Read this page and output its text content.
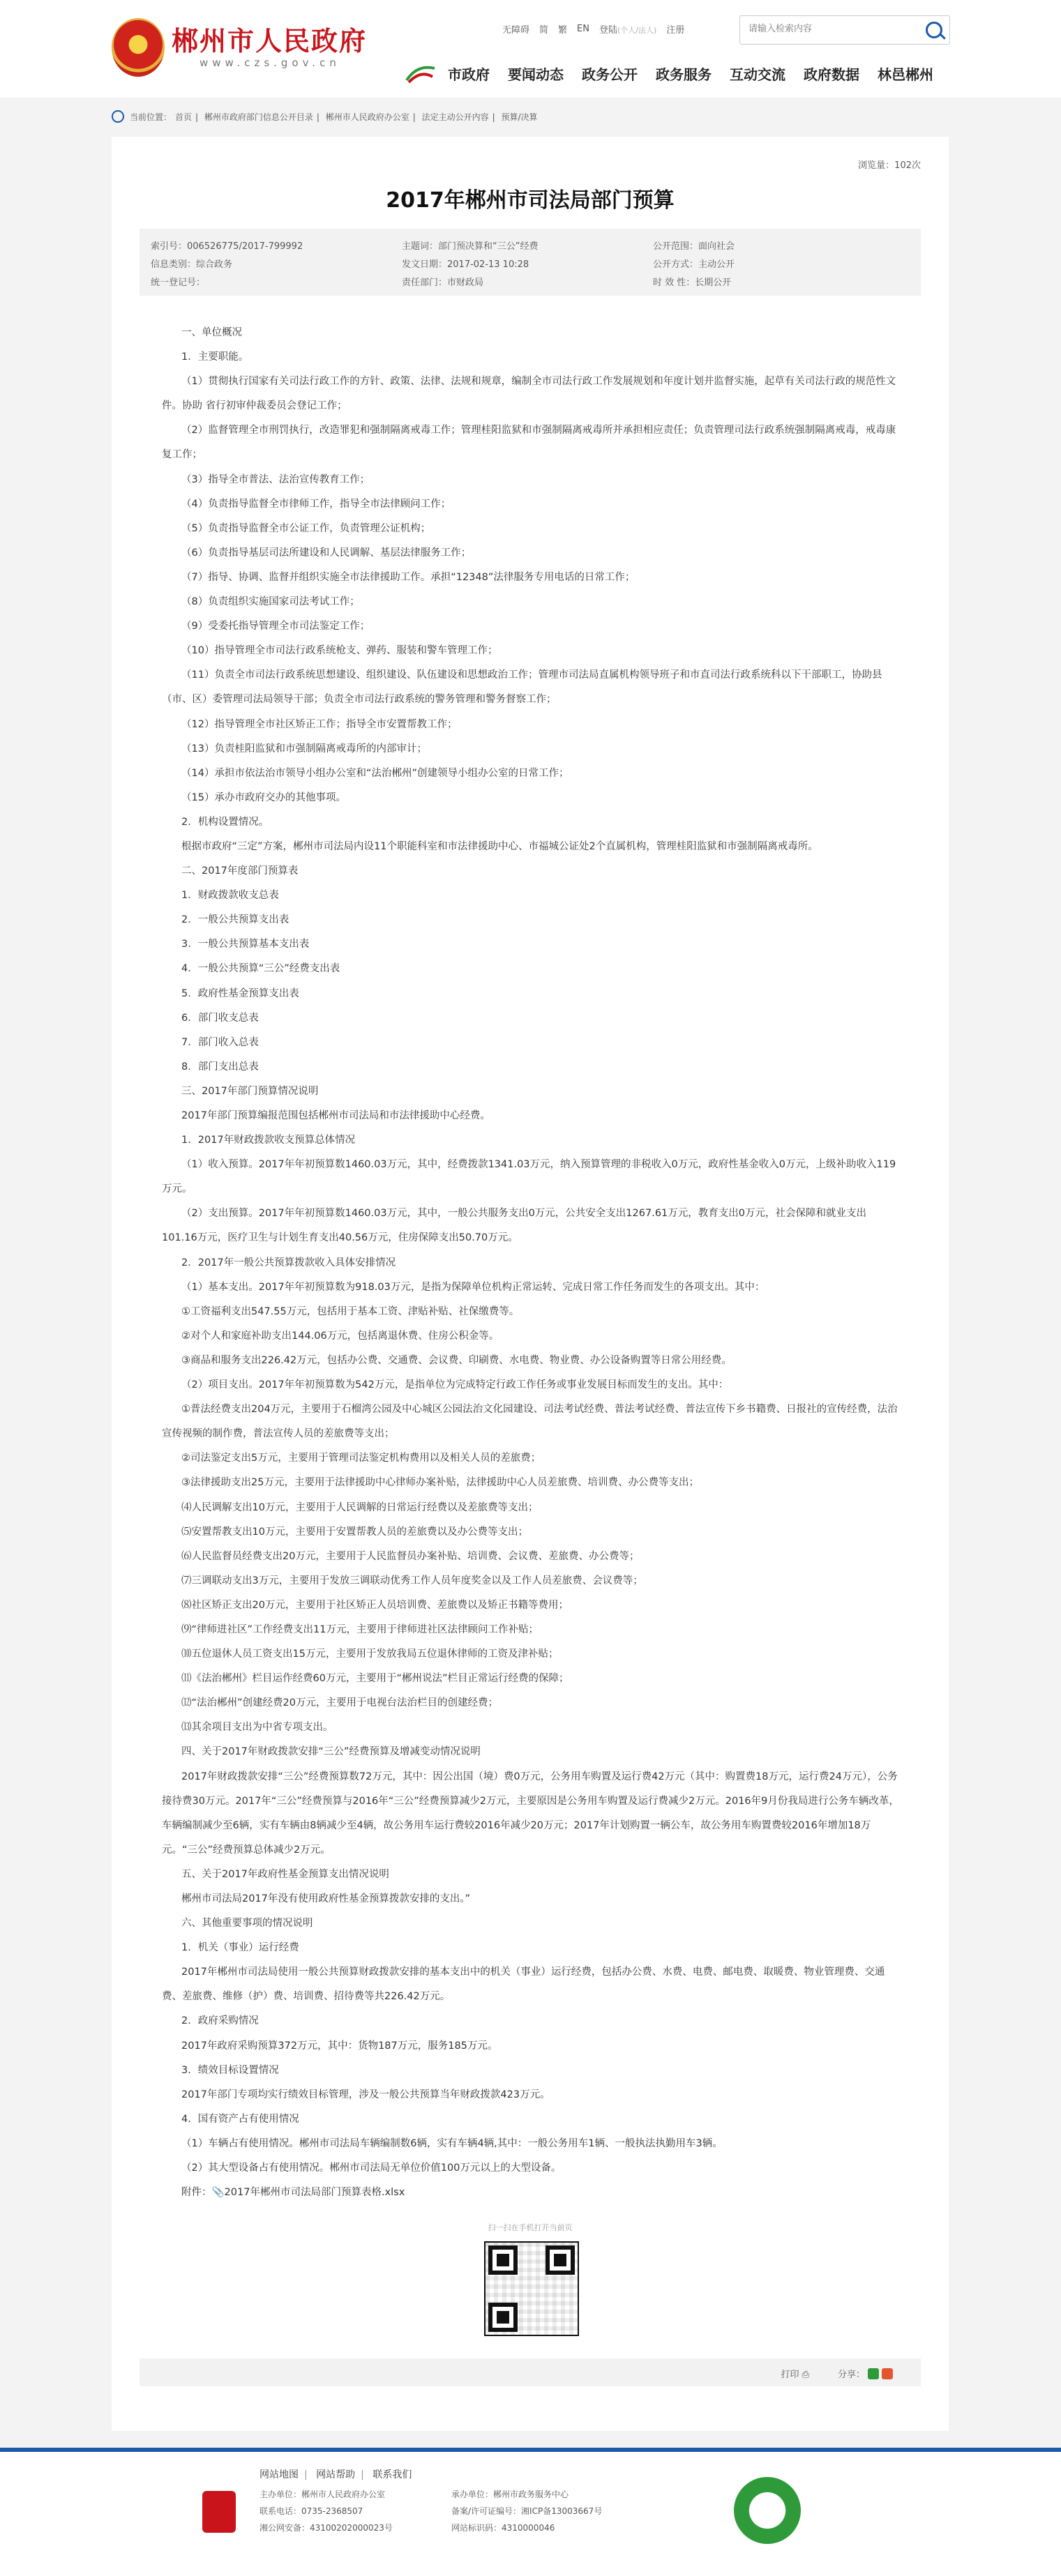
郴州市人民政府
www.czs.gov.cn
无障碍 简 繁 EN 登陆(个人/法人) 注册
请输入检索内容
市政府 要闻动态 政务公开 政务服务 互动交流 政府数据 林邑郴州
当前位置： 首页 | 郴州市政府部门信息公开目录 | 郴州市人民政府办公室 | 法定主动公开内容 | 预算/决算
浏览量：102次
2017年郴州市司法局部门预算
索引号：006526775/2017-799992	主题词：部门预决算和“三公”经费	公开范围：面向社会
信息类别：综合政务	发文日期：2017-02-13 10:28	公开方式：主动公开
统一登记号：	责任部门：市财政局	时 效 性：长期公开

一、单位概况

1．主要职能。

（1）贯彻执行国家有关司法行政工作的方针、政策、法律、法规和规章，编制全市司法行政工作发展规划和年度计划并监督实施，起草有关司法行政的规范性文件。协助 省行初审仲裁委员会登记工作；

（2）监督管理全市刑罚执行，改造罪犯和强制隔离戒毒工作；管理桂阳监狱和市强制隔离戒毒所并承担相应责任；负责管理司法行政系统强制隔离戒毒，戒毒康复工作；

（3）指导全市普法、法治宣传教育工作；

（4）负责指导监督全市律师工作，指导全市法律顾问工作；

（5）负责指导监督全市公证工作，负责管理公证机构；

（6）负责指导基层司法所建设和人民调解、基层法律服务工作；

（7）指导、协调、监督并组织实施全市法律援助工作。承担“12348”法律服务专用电话的日常工作；

（8）负责组织实施国家司法考试工作；

（9）受委托指导管理全市司法鉴定工作；

（10）指导管理全市司法行政系统枪支、弹药、服装和警车管理工作；

（11）负责全市司法行政系统思想建设、组织建设、队伍建设和思想政治工作；管理市司法局直属机构领导班子和市直司法行政系统科以下干部职工，协助县（市、区）委管理司法局领导干部；负责全市司法行政系统的警务管理和警务督察工作；

（12）指导管理全市社区矫正工作；指导全市安置帮教工作；

（13）负责桂阳监狱和市强制隔离戒毒所的内部审计；

（14）承担市依法治市领导小组办公室和“法治郴州”创建领导小组办公室的日常工作；

（15）承办市政府交办的其他事项。

2．机构设置情况。

根据市政府“三定”方案，郴州市司法局内设11个职能科室和市法律援助中心、市福城公证处2个直属机构，管理桂阳监狱和市强制隔离戒毒所。

二、2017年度部门预算表

1．财政拨款收支总表

2．一般公共预算支出表

3．一般公共预算基本支出表

4．一般公共预算“三公”经费支出表

5．政府性基金预算支出表

6．部门收支总表

7．部门收入总表

8．部门支出总表

三、2017年部门预算情况说明

2017年部门预算编报范围包括郴州市司法局和市法律援助中心经费。

1．2017年财政拨款收支预算总体情况

（1）收入预算。2017年年初预算数1460.03万元，其中，经费拨款1341.03万元，纳入预算管理的非税收入0万元，政府性基金收入0万元，上级补助收入119万元。

（2）支出预算。2017年年初预算数1460.03万元，其中，一般公共服务支出0万元，公共安全支出1267.61万元，教育支出0万元，社会保障和就业支出101.16万元，医疗卫生与计划生育支出40.56万元，住房保障支出50.70万元。

2．2017年一般公共预算拨款收入具体安排情况

（1）基本支出。2017年年初预算数为918.03万元，是指为保障单位机构正常运转、完成日常工作任务而发生的各项支出。其中：

①工资福利支出547.55万元，包括用于基本工资、津贴补贴、社保缴费等。

②对个人和家庭补助支出144.06万元，包括离退休费、住房公积金等。

③商品和服务支出226.42万元，包括办公费、交通费、会议费、印刷费、水电费、物业费、办公设备购置等日常公用经费。

（2）项目支出。2017年年初预算数为542万元，是指单位为完成特定行政工作任务或事业发展目标而发生的支出。其中：

①普法经费支出204万元，主要用于石榴湾公园及中心城区公园法治文化园建设、司法考试经费、普法考试经费、普法宣传下乡书籍费、日报社的宣传经费，法治宣传视频的制作费，普法宣传人员的差旅费等支出；

②司法鉴定支出5万元，主要用于管理司法鉴定机构费用以及相关人员的差旅费；

③法律援助支出25万元，主要用于法律援助中心律师办案补贴，法律援助中心人员差旅费、培训费、办公费等支出；

⑷人民调解支出10万元，主要用于人民调解的日常运行经费以及差旅费等支出；

⑸安置帮教支出10万元，主要用于安置帮教人员的差旅费以及办公费等支出；

⑹人民监督员经费支出20万元，主要用于人民监督员办案补贴、培训费、会议费、差旅费、办公费等；

⑺三调联动支出3万元，主要用于发放三调联动优秀工作人员年度奖金以及工作人员差旅费、会议费等；

⑻社区矫正支出20万元，主要用于社区矫正人员培训费、差旅费以及矫正书籍等费用；

⑼“律师进社区”工作经费支出11万元，主要用于律师进社区法律顾问工作补贴；

⑽五位退休人员工资支出15万元，主要用于发放我局五位退休律师的工资及津补贴；

⑾《法治郴州》栏目运作经费60万元，主要用于“郴州说法”栏目正常运行经费的保障；

⑿“法治郴州”创建经费20万元，主要用于电视台法治栏目的创建经费；

⒀其余项目支出为中省专项支出。

四、关于2017年财政拨款安排“三公”经费预算及增减变动情况说明

2017年财政拨款安排“三公”经费预算数72万元，其中：因公出国（境）费0万元，公务用车购置及运行费42万元（其中：购置费18万元，运行费24万元），公务接待费30万元。2017年“三公”经费预算与2016年“三公”经费预算减少2万元，主要原因是公务用车购置及运行费减少2万元。2016年9月份我局进行公务车辆改革，车辆编制减少至6辆，实有车辆由8辆减少至4辆，故公务用车运行费较2016年减少20万元；2017年计划购置一辆公车，故公务用车购置费较2016年增加18万元。“三公”经费预算总体减少2万元。

五、关于2017年政府性基金预算支出情况说明

郴州市司法局2017年没有使用政府性基金预算拨款安排的支出。”

六、其他重要事项的情况说明

1．机关（事业）运行经费

2017年郴州市司法局使用一般公共预算财政拨款安排的基本支出中的机关（事业）运行经费，包括办公费、水费、电费、邮电费、取暖费、物业管理费、交通费、差旅费、维修（护）费、培训费、招待费等共226.42万元。

2．政府采购情况

2017年政府采购预算372万元，其中：货物187万元，服务185万元。

3．绩效目标设置情况

2017年部门专项均实行绩效目标管理，涉及一般公共预算当年财政拨款423万元。

4．国有资产占有使用情况

（1）车辆占有使用情况。郴州市司法局车辆编制数6辆，实有车辆4辆,其中：一般公务用车1辆、一般执法执勤用车3辆。

（2）其大型设备占有使用情况。郴州市司法局无单位价值100万元以上的大型设备。

附件：📎2017年郴州市司法局部门预算表格.xlsx

扫一扫在手机打开当前页
打印 ⎙	分享：
网站地图 | 网站帮助 | 联系我们
主办单位：郴州市人民政府办公室	承办单位：郴州市政务服务中心
联系电话：0735-2368507	备案/许可证编号：湘ICP备13003667号
湘公网安备：43100202000023号	网站标识码：4310000046
